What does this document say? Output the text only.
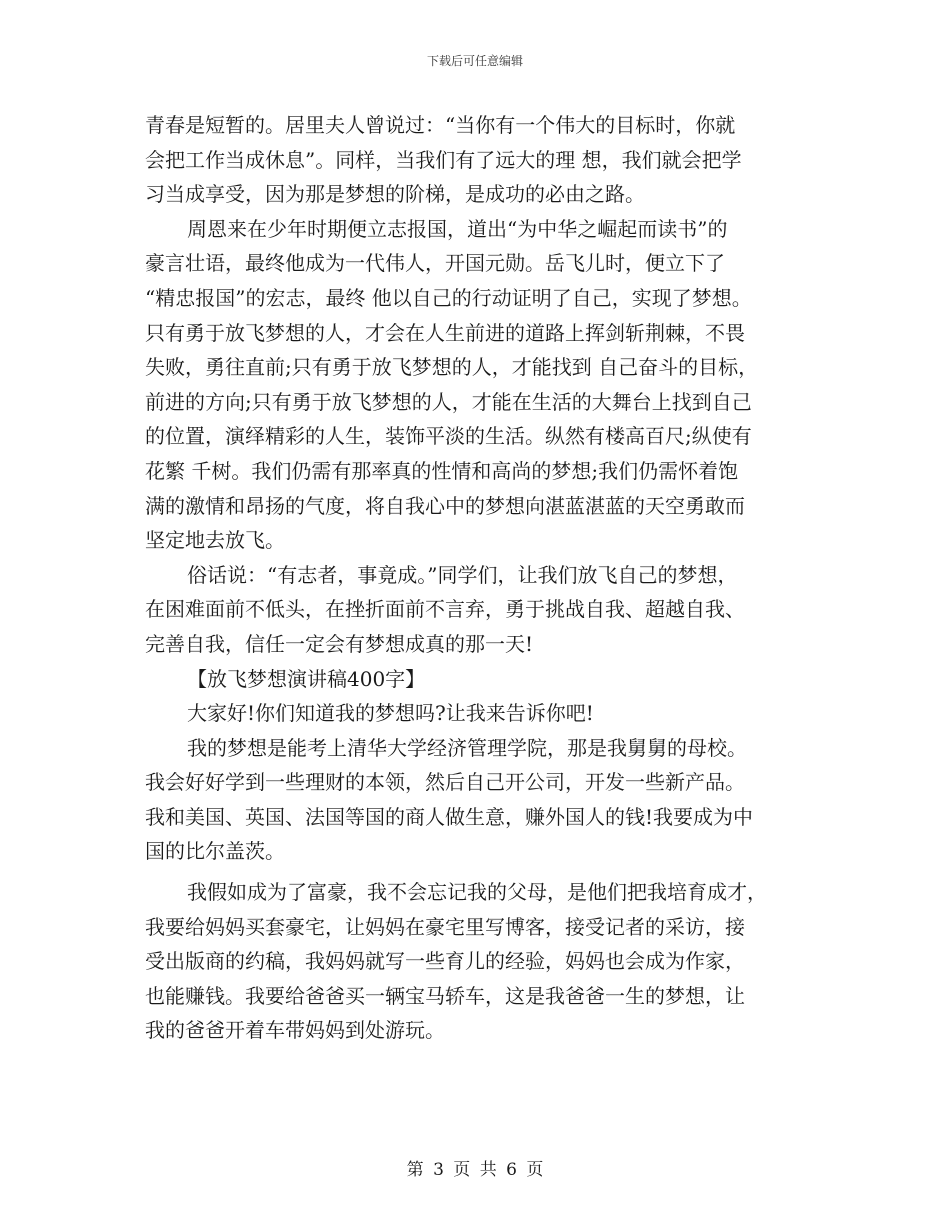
下载后可任意编辑
青春是短暂的。居里夫人曾说过：“当你有一个伟大的目标时，你就
会把工作当成休息”。同样，当我们有了远大的理 想，我们就会把学
习当成享受，因为那是梦想的阶梯，是成功的必由之路。
周恩来在少年时期便立志报国，道出“为中华之崛起而读书”的
豪言壮语，最终他成为一代伟人，开国元勋。岳飞儿时，便立下了
“精忠报国”的宏志，最终 他以自己的行动证明了自己，实现了梦想。
只有勇于放飞梦想的人，才会在人生前进的道路上挥剑斩荆棘，不畏
失败，勇往直前;只有勇于放飞梦想的人，才能找到 自己奋斗的目标，
前进的方向;只有勇于放飞梦想的人，才能在生活的大舞台上找到自己
的位置，演绎精彩的人生，装饰平淡的生活。纵然有楼高百尺;纵使有
花繁 千树。我们仍需有那率真的性情和高尚的梦想;我们仍需怀着饱
满的激情和昂扬的气度，将自我心中的梦想向湛蓝湛蓝的天空勇敢而
坚定地去放飞。
俗话说：“有志者，事竟成。”同学们，让我们放飞自己的梦想，
在困难面前不低头，在挫折面前不言弃，勇于挑战自我、超越自我、
完善自我，信任一定会有梦想成真的那一天!
【放飞梦想演讲稿400字】
大家好!你们知道我的梦想吗?让我来告诉你吧!
我的梦想是能考上清华大学经济管理学院，那是我舅舅的母校。
我会好好学到一些理财的本领，然后自己开公司，开发一些新产品。
我和美国、英国、法国等国的商人做生意，赚外国人的钱!我要成为中
国的比尔盖茨。
我假如成为了富豪，我不会忘记我的父母，是他们把我培育成才，
我要给妈妈买套豪宅，让妈妈在豪宅里写博客，接受记者的采访，接
受出版商的约稿，我妈妈就写一些育儿的经验，妈妈也会成为作家，
也能赚钱。我要给爸爸买一辆宝马轿车，这是我爸爸一生的梦想，让
我的爸爸开着车带妈妈到处游玩。
第 3 页 共 6 页
